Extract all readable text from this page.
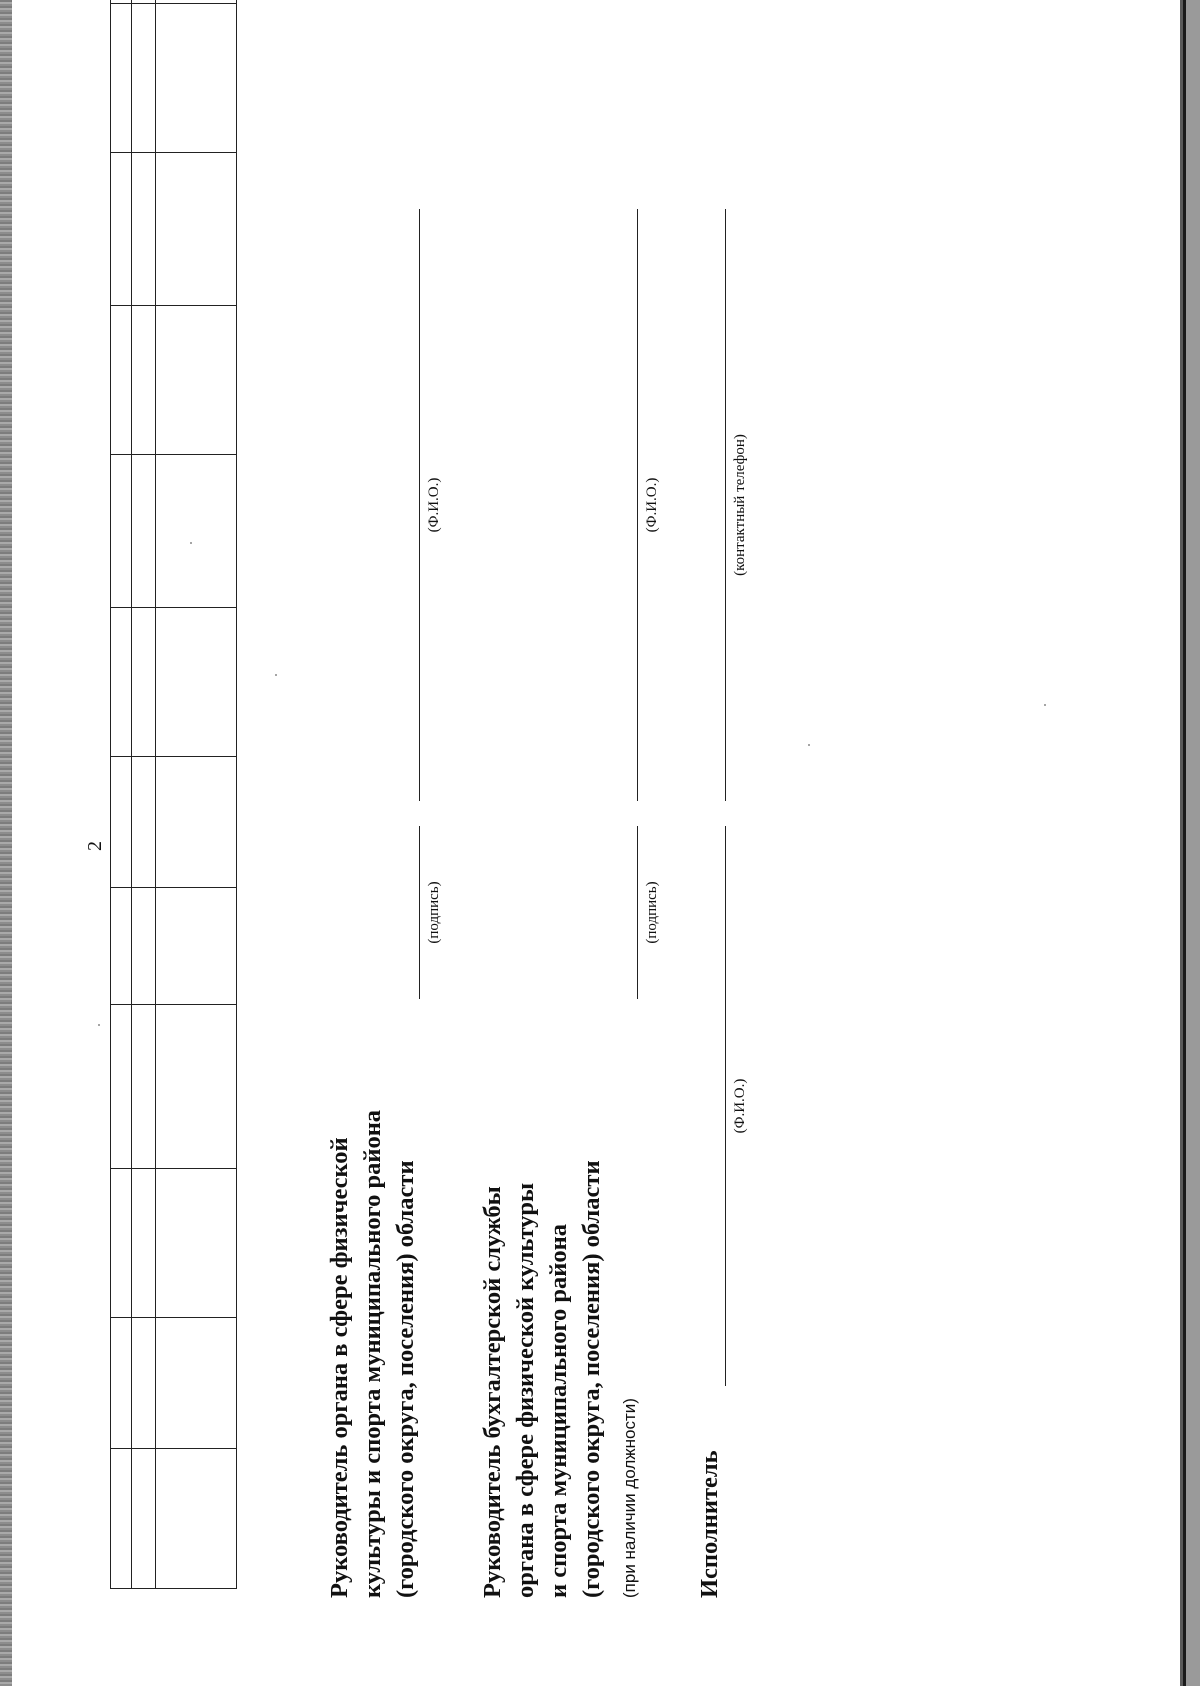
2

Руководитель органа в сфере физической культуры и спорта муниципального района (городского округа, поселения) области
(подпись)
(Ф.И.О.)
Руководитель бухгалтерской службы органа в сфере физической культуры и спорта муниципального района (городского округа, поселения) области (при наличии должности)
(подпись)
(Ф.И.О.)
Исполнитель
(Ф.И.О.)
(контактный телефон)
